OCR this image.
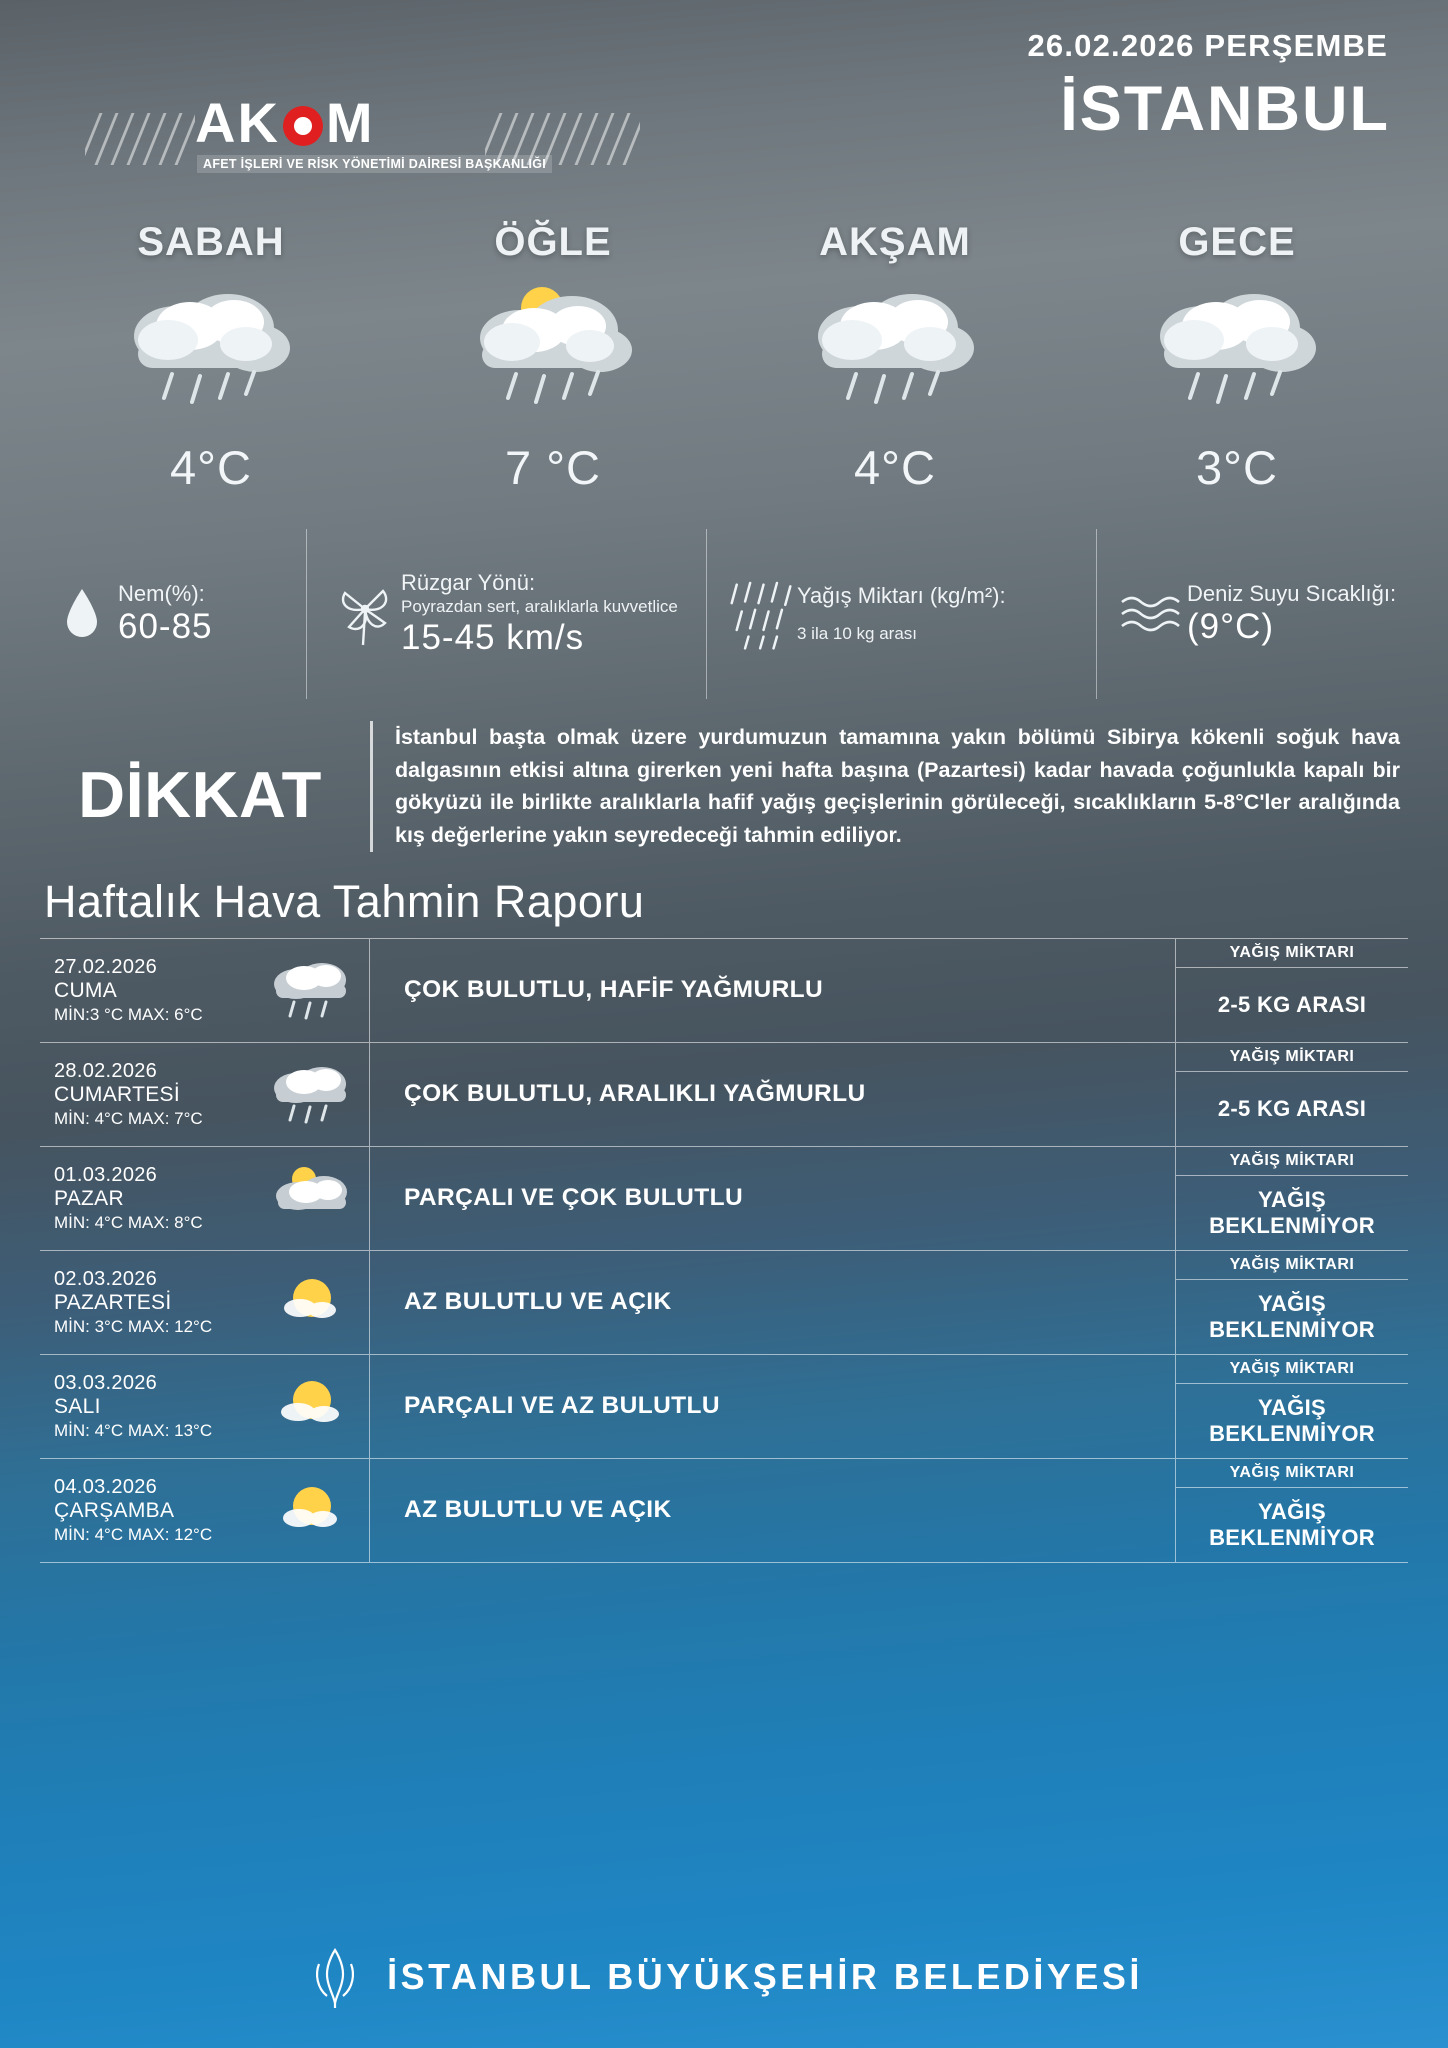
26.02.2026 PERŞEMBE
İSTANBUL
AK M
AFET İŞLERİ VE RİSK YÖNETİMİ DAİRESİ BAŞKANLIĞI
SABAH
4°C
ÖĞLE
7 °C
AKŞAM
4°C
GECE
3°C
Nem(%):
60-85
Rüzgar Yönü:
Poyrazdan sert, aralıklarla kuvvetlice
15-45 km/s
Yağış Miktarı (kg/m²):
3 ila 10 kg arası
Deniz Suyu Sıcaklığı:
(9°C)
DİKKAT
İstanbul başta olmak üzere yurdumuzun tamamına yakın bölümü Sibirya kökenli soğuk hava dalgasının etkisi altına girerken yeni hafta başına (Pazartesi) kadar havada çoğunlukla kapalı bir gökyüzü ile birlikte aralıklarla hafif yağış geçişlerinin görüleceği, sıcaklıkların 5-8°C'ler aralığında kış değerlerine yakın seyredeceği tahmin ediliyor.
Haftalık Hava Tahmin Raporu
27.02.2026
CUMA
MİN:3 °C MAX: 6°C
ÇOK BULUTLU, HAFİF YAĞMURLU
YAĞIŞ MİKTARI
2-5 KG ARASI
28.02.2026
CUMARTESİ
MİN: 4°C MAX: 7°C
ÇOK BULUTLU, ARALIKLI YAĞMURLU
YAĞIŞ MİKTARI
2-5 KG ARASI
01.03.2026
PAZAR
MİN: 4°C MAX: 8°C
PARÇALI VE ÇOK BULUTLU
YAĞIŞ MİKTARI
YAĞIŞ BEKLENMİYOR
02.03.2026
PAZARTESİ
MİN: 3°C MAX: 12°C
AZ BULUTLU VE AÇIK
YAĞIŞ MİKTARI
YAĞIŞ BEKLENMİYOR
03.03.2026
SALI
MİN: 4°C MAX: 13°C
PARÇALI VE AZ BULUTLU
YAĞIŞ MİKTARI
YAĞIŞ BEKLENMİYOR
04.03.2026
ÇARŞAMBA
MİN: 4°C MAX: 12°C
AZ BULUTLU VE AÇIK
YAĞIŞ MİKTARI
YAĞIŞ BEKLENMİYOR
İSTANBUL BÜYÜKŞEHİR BELEDİYESİ
